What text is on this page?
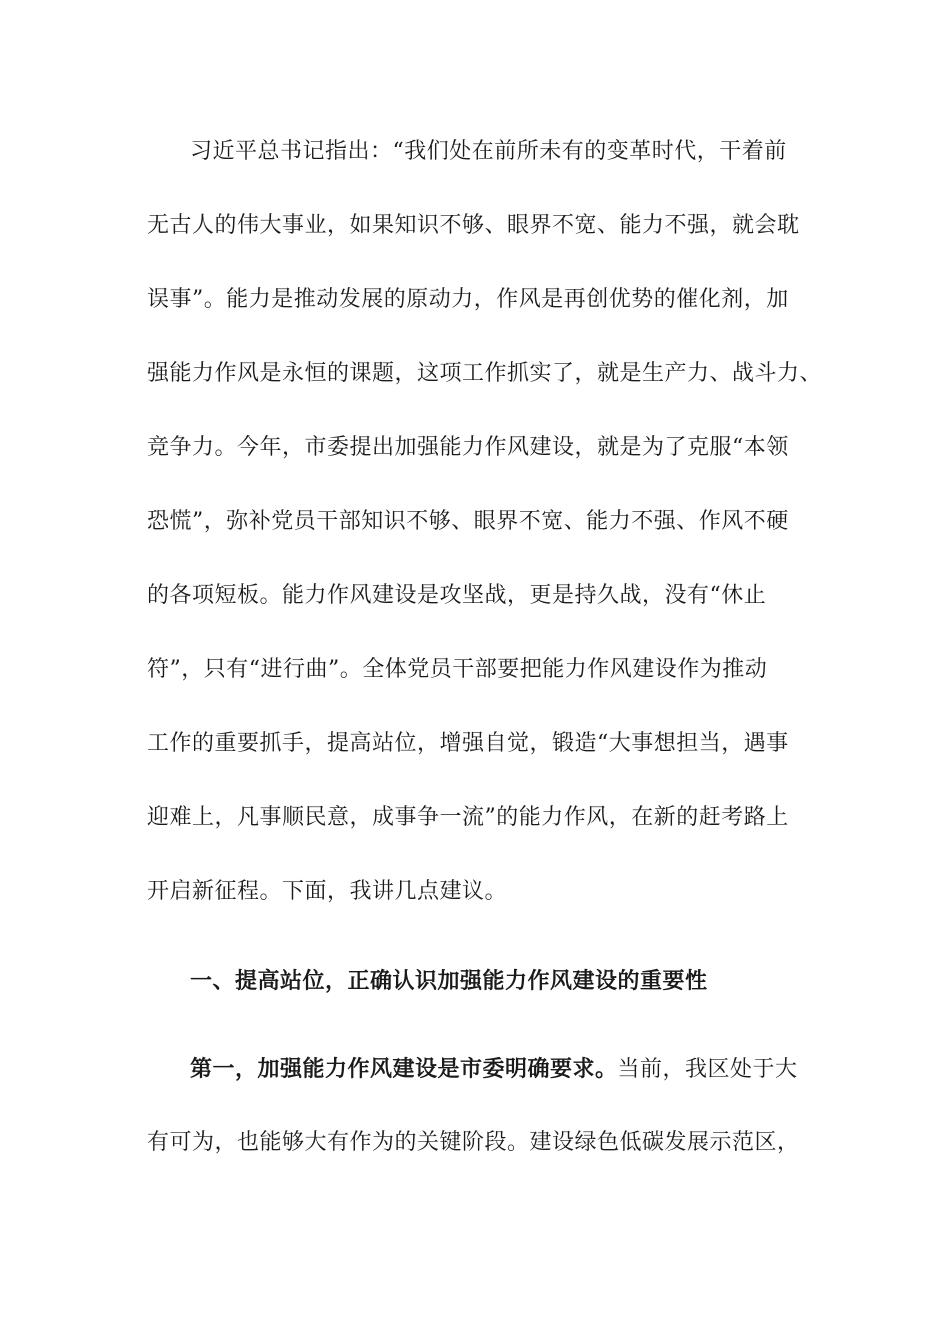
习近平总书记指出：“我们处在前所未有的变革时代，干着前
无古人的伟大事业，如果知识不够、眼界不宽、能力不强，就会耽
误事”。能力是推动发展的原动力，作风是再创优势的催化剂，加
强能力作风是永恒的课题，这项工作抓实了，就是生产力、战斗力、
竞争力。今年，市委提出加强能力作风建设，就是为了克服“本领
恐慌”，弥补党员干部知识不够、眼界不宽、能力不强、作风不硬
的各项短板。能力作风建设是攻坚战，更是持久战，没有“休止
符”，只有“进行曲”。全体党员干部要把能力作风建设作为推动
工作的重要抓手，提高站位，增强自觉，锻造“大事想担当，遇事
迎难上，凡事顺民意，成事争一流”的能力作风，在新的赶考路上
开启新征程。下面，我讲几点建议。
一、提高站位，正确认识加强能力作风建设的重要性
第一，加强能力作风建设是市委明确要求。当前，我区处于大
有可为，也能够大有作为的关键阶段。建设绿色低碳发展示范区，
